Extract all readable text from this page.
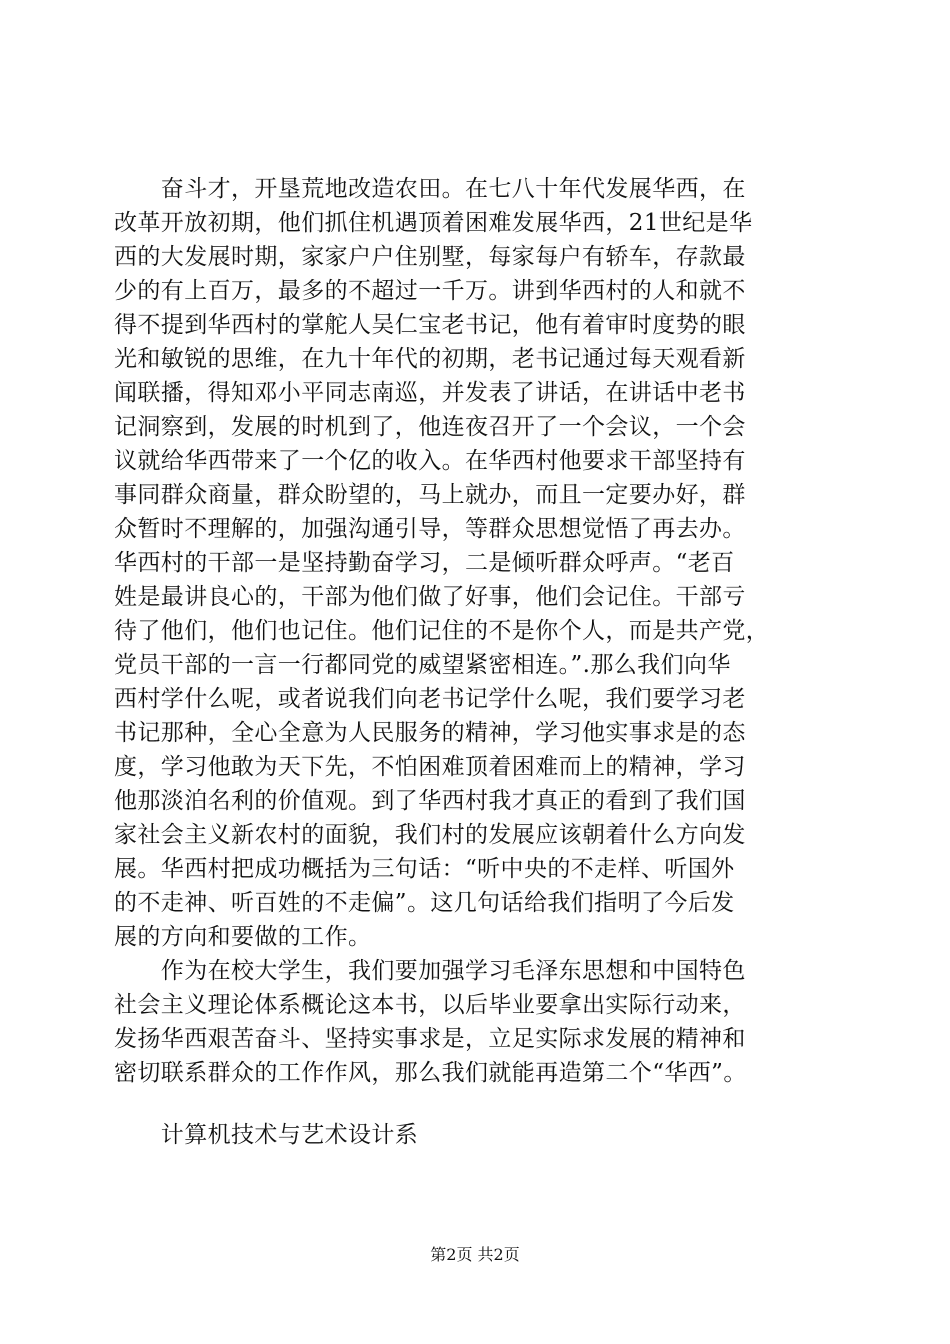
　　奋斗才，开垦荒地改造农田。在七八十年代发展华西，在
改革开放初期，他们抓住机遇顶着困难发展华西，21世纪是华
西的大发展时期，家家户户住别墅，每家每户有轿车，存款最
少的有上百万，最多的不超过一千万。讲到华西村的人和就不
得不提到华西村的掌舵人吴仁宝老书记，他有着审时度势的眼
光和敏锐的思维，在九十年代的初期，老书记通过每天观看新
闻联播，得知邓小平同志南巡，并发表了讲话，在讲话中老书
记洞察到，发展的时机到了，他连夜召开了一个会议，一个会
议就给华西带来了一个亿的收入。在华西村他要求干部坚持有
事同群众商量，群众盼望的，马上就办，而且一定要办好，群
众暂时不理解的，加强沟通引导，等群众思想觉悟了再去办。
华西村的干部一是坚持勤奋学习，二是倾听群众呼声。“老百
姓是最讲良心的，干部为他们做了好事，他们会记住。干部亏
待了他们，他们也记住。他们记住的不是你个人，而是共产党，
党员干部的一言一行都同党的威望紧密相连。”.那么我们向华
西村学什么呢，或者说我们向老书记学什么呢，我们要学习老
书记那种，全心全意为人民服务的精神，学习他实事求是的态
度，学习他敢为天下先，不怕困难顶着困难而上的精神，学习
他那淡泊名利的价值观。到了华西村我才真正的看到了我们国
家社会主义新农村的面貌，我们村的发展应该朝着什么方向发
展。华西村把成功概括为三句话：“听中央的不走样、听国外
的不走神、听百姓的不走偏”。这几句话给我们指明了今后发
展的方向和要做的工作。
　　作为在校大学生，我们要加强学习毛泽东思想和中国特色
社会主义理论体系概论这本书，以后毕业要拿出实际行动来，
发扬华西艰苦奋斗、坚持实事求是，立足实际求发展的精神和
密切联系群众的工作作风，那么我们就能再造第二个“华西”。
　　计算机技术与艺术设计系
第2页 共2页
